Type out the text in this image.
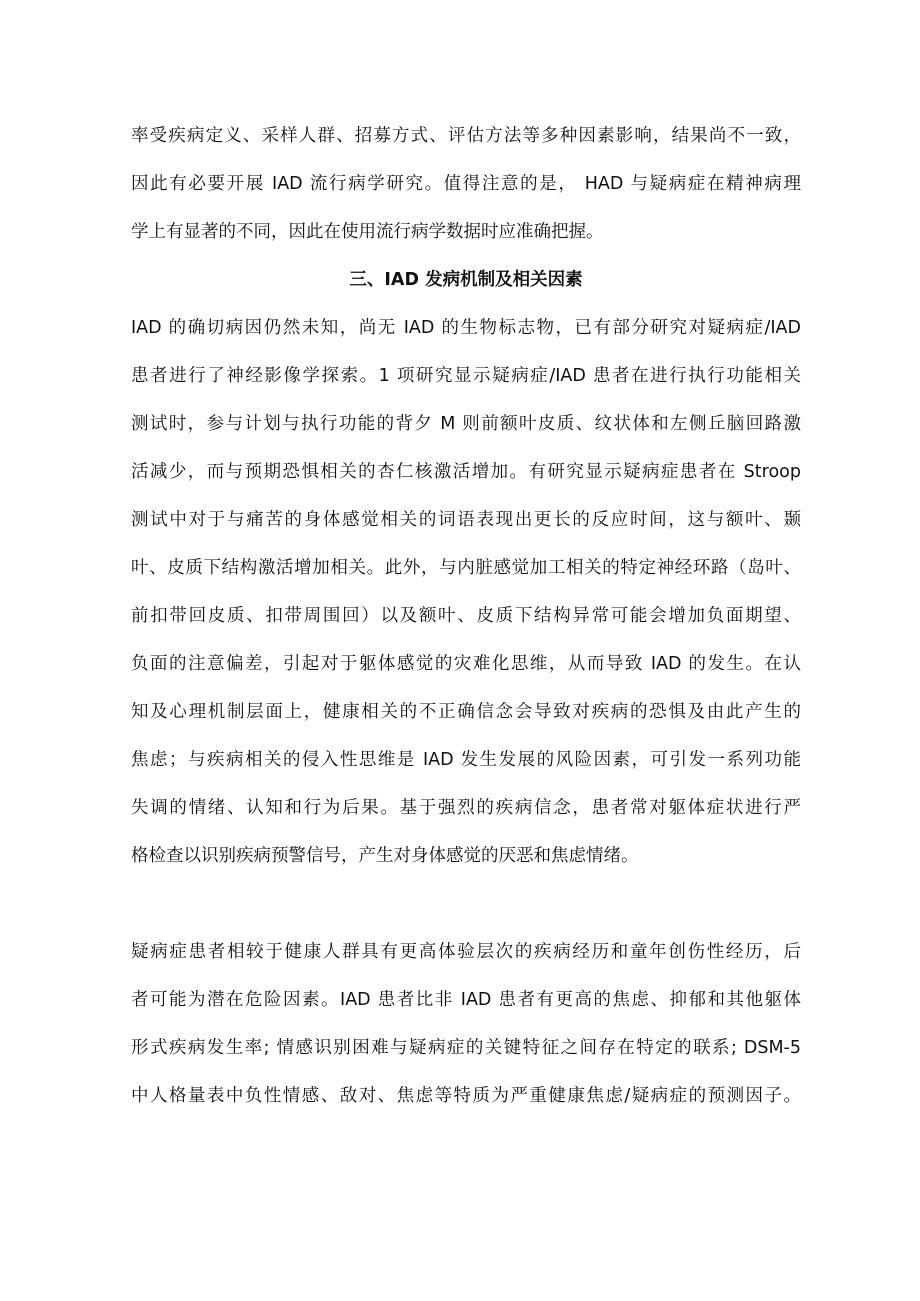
率受疾病定义、采样人群、招募方式、评估方法等多种因素影响，结果尚不一致，
因此有必要开展 IAD 流行病学研究。值得注意的是， HAD 与疑病症在精神病理
学上有显著的不同，因此在使用流行病学数据时应准确把握。
三、IAD 发病机制及相关因素
IAD 的确切病因仍然未知，尚无 IAD 的生物标志物，已有部分研究对疑病症/IAD
患者进行了神经影像学探索。1 项研究显示疑病症/IAD 患者在进行执行功能相关
测试时，参与计划与执行功能的背夕 M 则前额叶皮质、纹状体和左侧丘脑回路激
活减少，而与预期恐惧相关的杏仁核激活增加。有研究显示疑病症患者在 Stroop
测试中对于与痛苦的身体感觉相关的词语表现出更长的反应时间，这与额叶、颞
叶、皮质下结构激活增加相关。此外，与内脏感觉加工相关的特定神经环路（岛叶、
前扣带回皮质、扣带周围回）以及额叶、皮质下结构异常可能会增加负面期望、
负面的注意偏差，引起对于躯体感觉的灾难化思维，从而导致 IAD 的发生。在认
知及心理机制层面上，健康相关的不正确信念会导致对疾病的恐惧及由此产生的
焦虑；与疾病相关的侵入性思维是 IAD 发生发展的风险因素，可引发一系列功能
失调的情绪、认知和行为后果。基于强烈的疾病信念，患者常对躯体症状进行严
格检查以识别疾病预警信号，产生对身体感觉的厌恶和焦虑情绪。
疑病症患者相较于健康人群具有更高体验层次的疾病经历和童年创伤性经历，后
者可能为潜在危险因素。IAD 患者比非 IAD 患者有更高的焦虑、抑郁和其他躯体
形式疾病发生率; 情感识别困难与疑病症的关键特征之间存在特定的联系; DSM-5
中人格量表中负性情感、敌对、焦虑等特质为严重健康焦虑/疑病症的预测因子。
